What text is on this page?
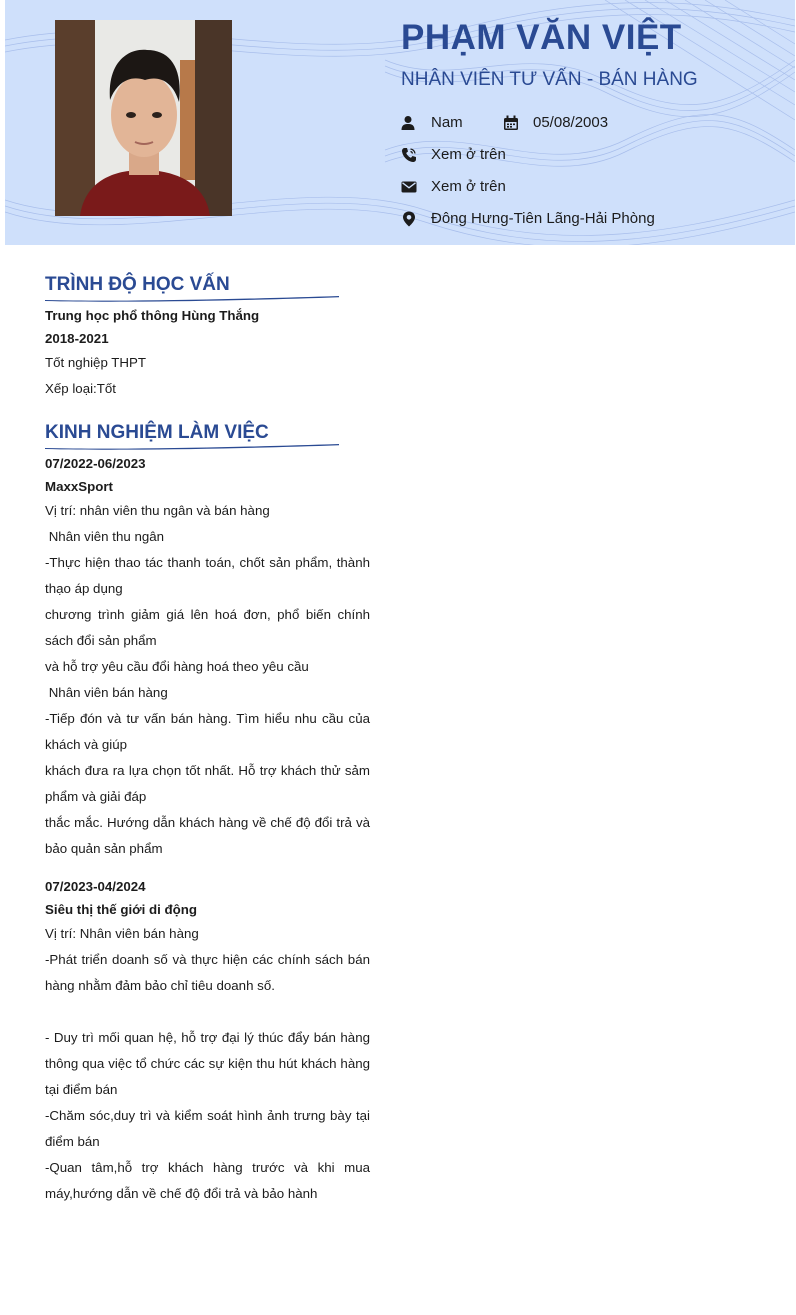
PHẠM VĂN VIỆT
NHÂN VIÊN TƯ VẤN - BÁN HÀNG
Nam	05/08/2003
Xem ở trên
Xem ở trên
Đông Hưng-Tiên Lãng-Hải Phòng
TRÌNH ĐỘ HỌC VẤN
Trung học phổ thông Hùng Thắng
2018-2021
Tốt nghiệp THPT
Xếp loại:Tốt
KINH NGHIỆM LÀM VIỆC
07/2022-06/2023
MaxxSport
Vị trí: nhân viên thu ngân và bán hàng
Nhân viên thu ngân
-Thực hiện thao tác thanh toán, chốt sản phẩm, thành thạo áp dụng
chương trình giảm giá lên hoá đơn, phổ biến chính sách đổi sản phẩm
và hỗ trợ yêu cầu đổi hàng hoá theo yêu cầu
Nhân viên bán hàng
-Tiếp đón và tư vấn bán hàng. Tìm hiểu nhu cầu của khách và giúp
khách đưa ra lựa chọn tốt nhất. Hỗ trợ khách thử sảm phẩm và giải đáp
thắc mắc. Hướng dẫn khách hàng về chế độ đổi trả và bảo quản sản phẩm
07/2023-04/2024
Siêu thị thế giới di động
Vị trí: Nhân viên bán hàng
-Phát triển doanh số và thực hiện các chính sách bán hàng nhằm đảm bảo chỉ tiêu doanh số.
- Duy trì mối quan hệ, hỗ trợ đại lý thúc đẩy bán hàng thông qua việc tổ chức các sự kiện thu hút khách hàng tại điểm bán
-Chăm sóc,duy trì và kiểm soát hình ảnh trưng bày tại điểm bán
-Quan tâm,hỗ trợ khách hàng trước và khi mua máy,hướng dẫn về chế độ đổi trả và bảo hành
